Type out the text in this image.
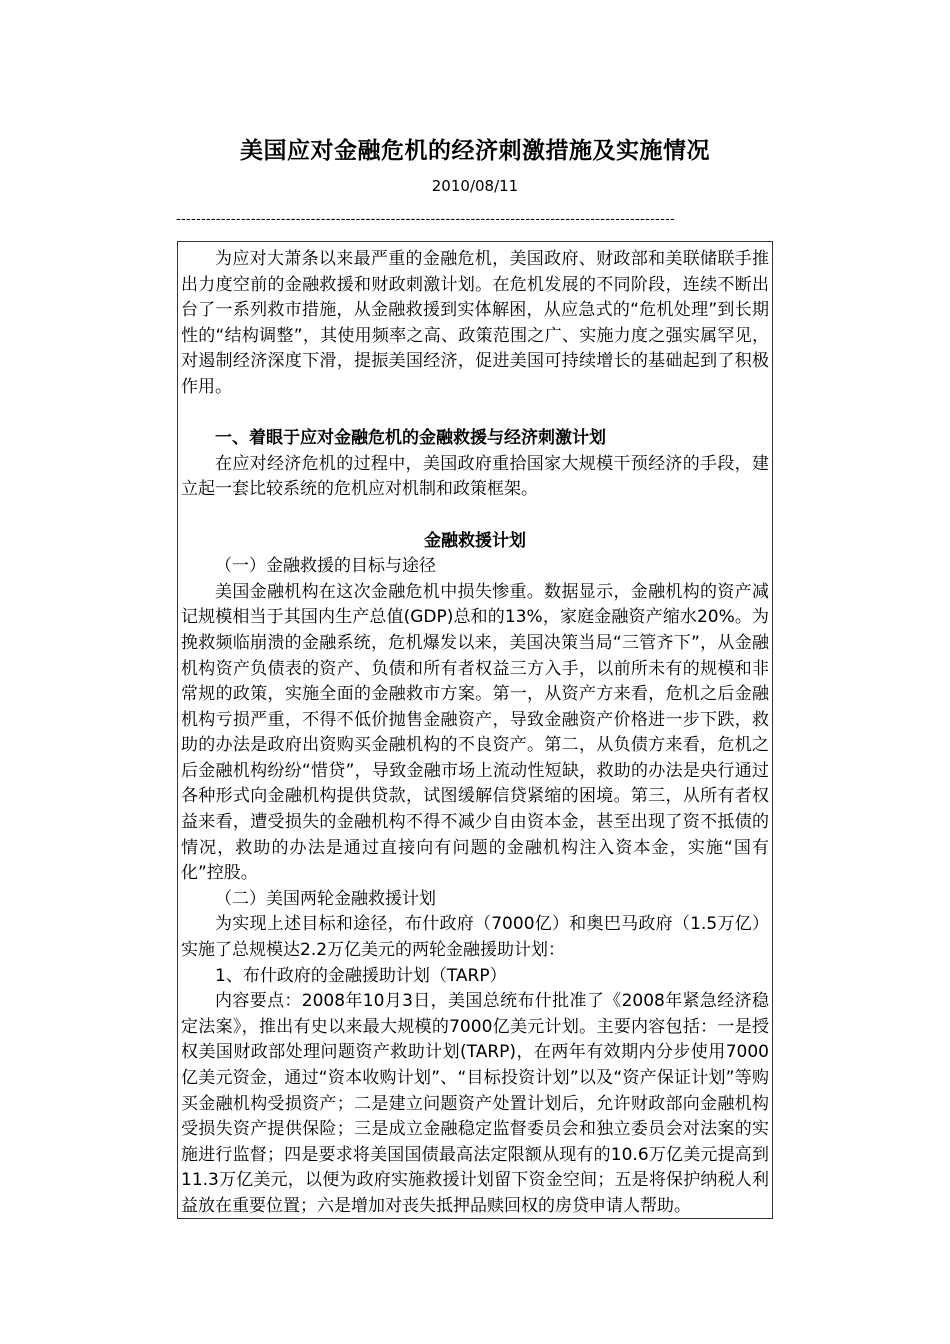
美国应对金融危机的经济刺激措施及实施情况
2010/08/11
----------------------------------------------------------------------------------------------------

为应对大萧条以来最严重的金融危机，美国政府、财政部和美联储联手推出力度空前的金融救援和财政刺激计划。在危机发展的不同阶段，连续不断出台了一系列救市措施，从金融救援到实体解困，从应急式的“危机处理”到长期性的“结构调整”，其使用频率之高、政策范围之广、实施力度之强实属罕见，对遏制经济深度下滑，提振美国经济，促进美国可持续增长的基础起到了积极作用。

一、着眼于应对金融危机的金融救援与经济刺激计划

在应对经济危机的过程中，美国政府重拾国家大规模干预经济的手段，建立起一套比较系统的危机应对机制和政策框架。

金融救援计划

（一）金融救援的目标与途径

美国金融机构在这次金融危机中损失惨重。数据显示，金融机构的资产减记规模相当于其国内生产总值(GDP)总和的13%，家庭金融资产缩水20%。为挽救频临崩溃的金融系统，危机爆发以来，美国决策当局“三管齐下”，从金融机构资产负债表的资产、负债和所有者权益三方入手，以前所未有的规模和非常规的政策，实施全面的金融救市方案。第一，从资产方来看，危机之后金融机构亏损严重，不得不低价抛售金融资产，导致金融资产价格进一步下跌，救助的办法是政府出资购买金融机构的不良资产。第二，从负债方来看，危机之后金融机构纷纷“惜贷”，导致金融市场上流动性短缺，救助的办法是央行通过各种形式向金融机构提供贷款，试图缓解信贷紧缩的困境。第三，从所有者权益来看，遭受损失的金融机构不得不减少自由资本金，甚至出现了资不抵债的情况，救助的办法是通过直接向有问题的金融机构注入资本金，实施“国有化”控股。

（二）美国两轮金融救援计划

为实现上述目标和途径，布什政府（7000亿）和奥巴马政府（1.5万亿）实施了总规模达2.2万亿美元的两轮金融援助计划：

1、布什政府的金融援助计划（TARP）

内容要点：2008年10月3日，美国总统布什批准了《2008年紧急经济稳定法案》，推出有史以来最大规模的7000亿美元计划。主要内容包括：一是授权美国财政部处理问题资产救助计划(TARP)，在两年有效期内分步使用7000亿美元资金，通过“资本收购计划”、“目标投资计划”以及“资产保证计划”等购买金融机构受损资产；二是建立问题资产处置计划后，允许财政部向金融机构受损失资产提供保险；三是成立金融稳定监督委员会和独立委员会对法案的实施进行监督；四是要求将美国国债最高法定限额从现有的10.6万亿美元提高到11.3万亿美元，以便为政府实施救援计划留下资金空间；五是将保护纳税人利益放在重要位置；六是增加对丧失抵押品赎回权的房贷申请人帮助。
